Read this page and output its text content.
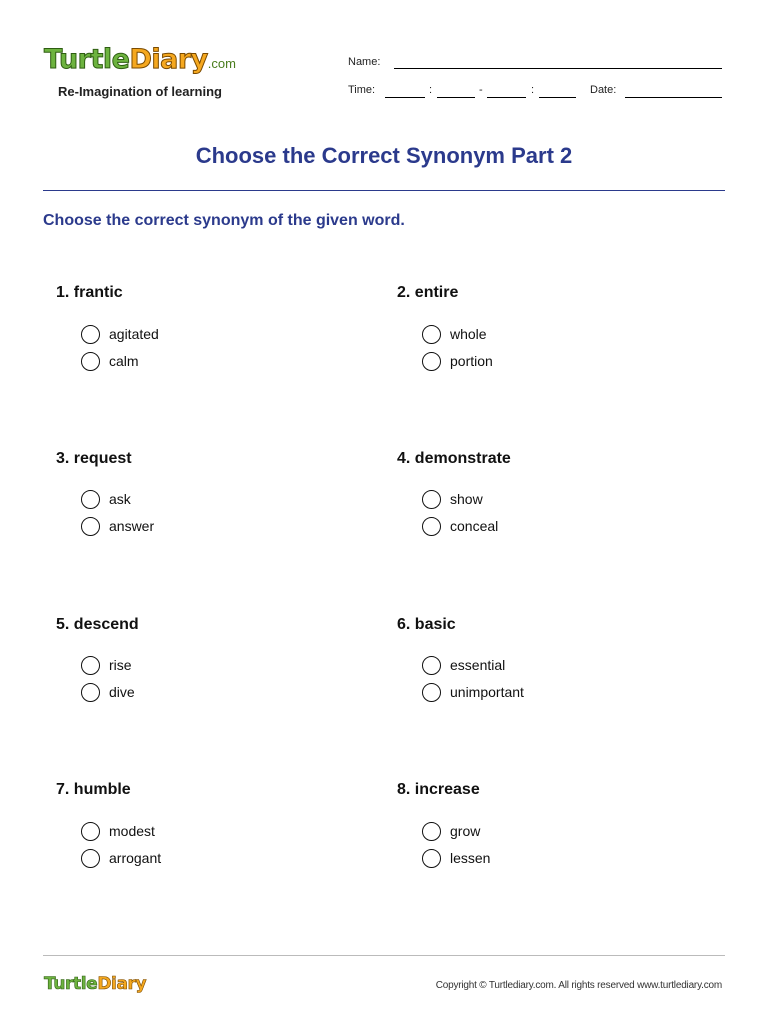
TurtleDiary.com
Re-Imagination of learning
Name:
Time:	:	-	:	Date:
Choose the Correct Synonym Part 2
Choose the correct synonym of the given word.
1. frantic
agitated
calm
2. entire
whole
portion
3. request
ask
answer
4. demonstrate
show
conceal
5. descend
rise
dive
6. basic
essential
unimportant
7. humble
modest
arrogant
8. increase
grow
lessen
TurtleDiary	Copyright © Turtlediary.com. All rights reserved www.turtlediary.com
